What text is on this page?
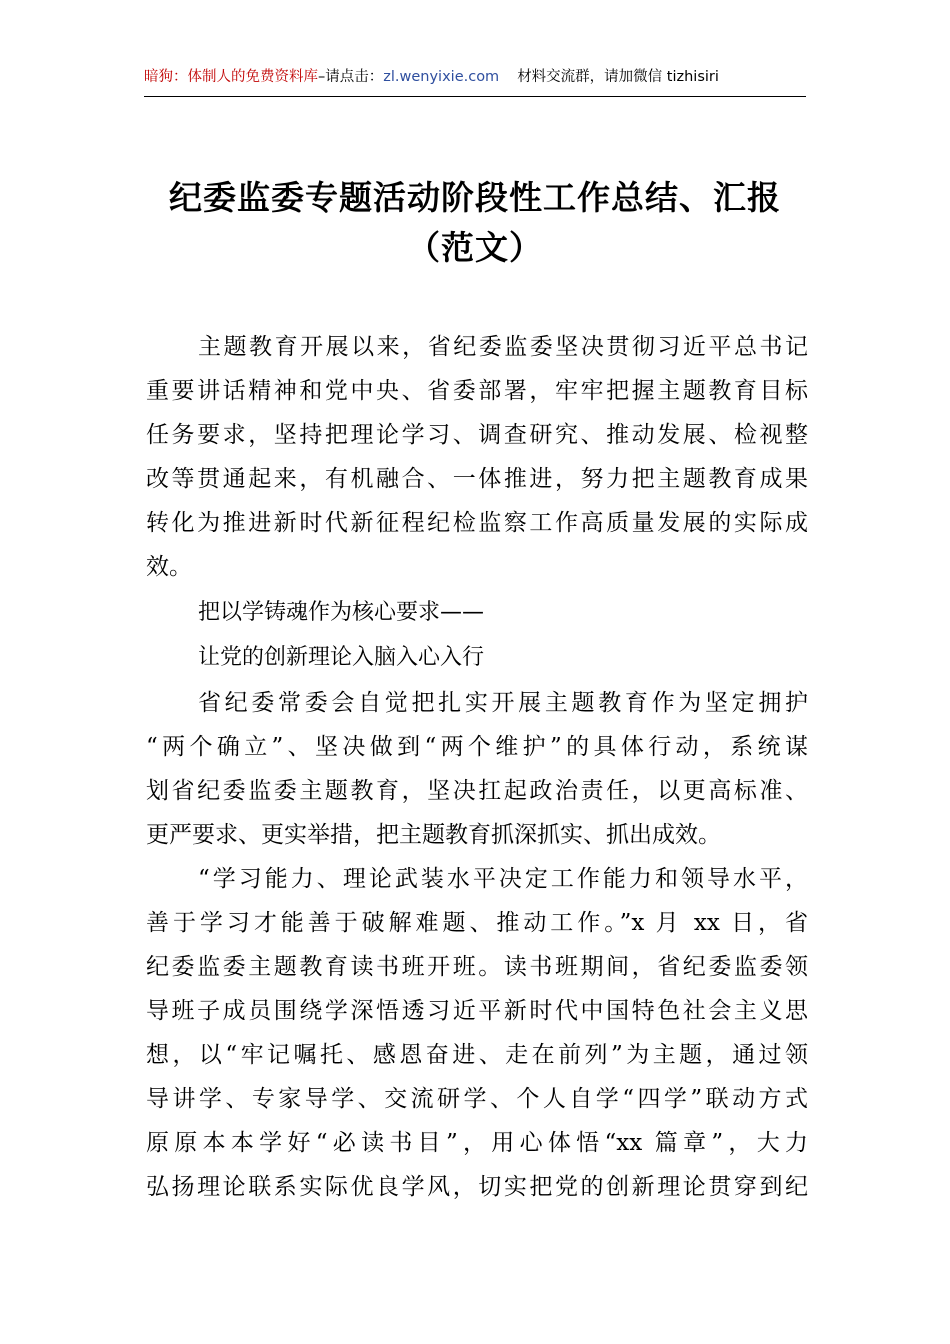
暗狗：体制人的免费资料库–请点击：zl.wenyixie.com 材料交流群，请加微信 tizhisiri
纪委监委专题活动阶段性工作总结、汇报
（范文）
主题教育开展以来，省纪委监委坚决贯彻习近平总书记
重要讲话精神和党中央、省委部署，牢牢把握主题教育目标
任务要求，坚持把理论学习、调查研究、推动发展、检视整
改等贯通起来，有机融合、一体推进，努力把主题教育成果
转化为推进新时代新征程纪检监察工作高质量发展的实际成
效。
把以学铸魂作为核心要求——
让党的创新理论入脑入心入行
省纪委常委会自觉把扎实开展主题教育作为坚定拥护
“两个确立”、坚决做到“两个维护”的具体行动，系统谋
划省纪委监委主题教育，坚决扛起政治责任，以更高标准、
更严要求、更实举措，把主题教育抓深抓实、抓出成效。
“学习能力、理论武装水平决定工作能力和领导水平，
善于学习才能善于破解难题、推动工作。”x 月 xx 日，省
纪委监委主题教育读书班开班。读书班期间，省纪委监委领
导班子成员围绕学深悟透习近平新时代中国特色社会主义思
想，以“牢记嘱托、感恩奋进、走在前列”为主题，通过领
导讲学、专家导学、交流研学、个人自学“四学”联动方式
原原本本学好“必读书目”，用心体悟“xx 篇章”，大力
弘扬理论联系实际优良学风，切实把党的创新理论贯穿到纪
